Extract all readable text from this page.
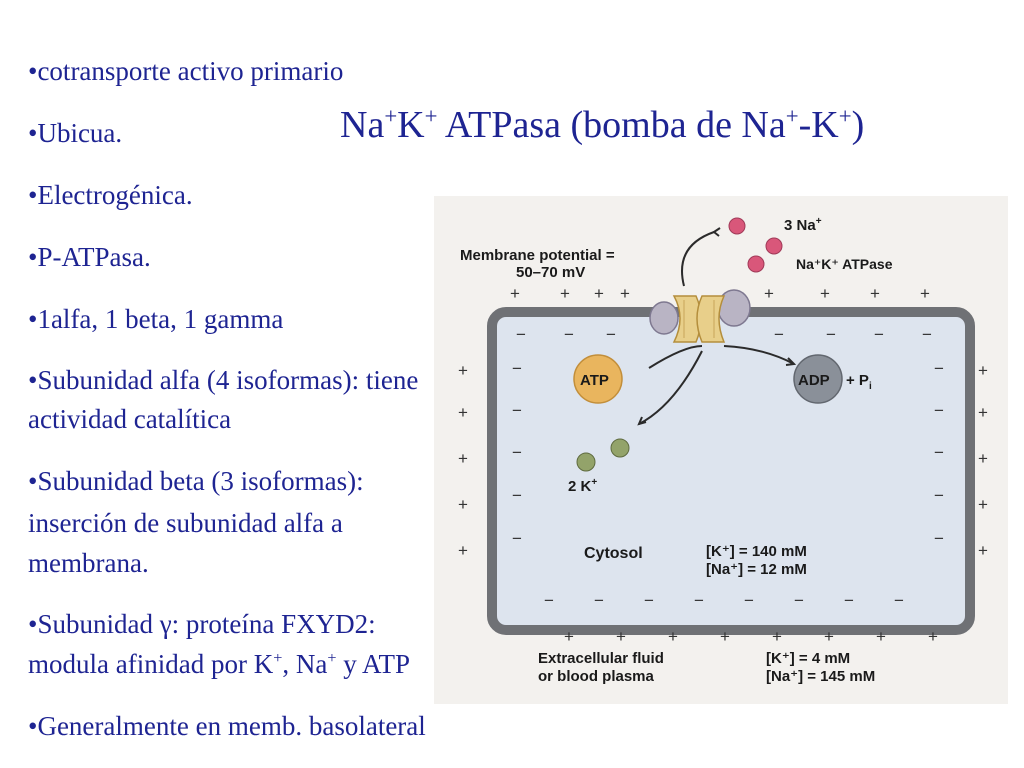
Na+K+ ATPasa (bomba de Na+-K+)
•cotransporte activo primario
•Ubicua.
•Electrogénica.
•P-ATPasa.
•1alfa, 1 beta, 1 gamma
•Subunidad alfa (4 isoformas): tiene
actividad catalítica
•Subunidad beta (3 isoformas):
inserción de subunidad alfa a
membrana.
•Subunidad γ: proteína FXYD2:
modula afinidad por K+, Na+ y ATP
•Generalmente en memb. basolateral
Membrane potential =
50–70 mV
3 Na+
Na⁺K⁺ ATPase
+ + + +	+	+ + +
ATP	ADP + $P_i$
2 K+
− − −	− − − −
−
−
−
−
−
−
−
−
−
−
− − − − − − − −
+
+
+
+
+
+
+
+
+
+
+ + + + + + + +
Cytosol	[K⁺] = 140 mM
[Na⁺] = 12 mM
Extracellular fluid
or blood plasma
[K⁺] = 4 mM
[Na⁺] = 145 mM
